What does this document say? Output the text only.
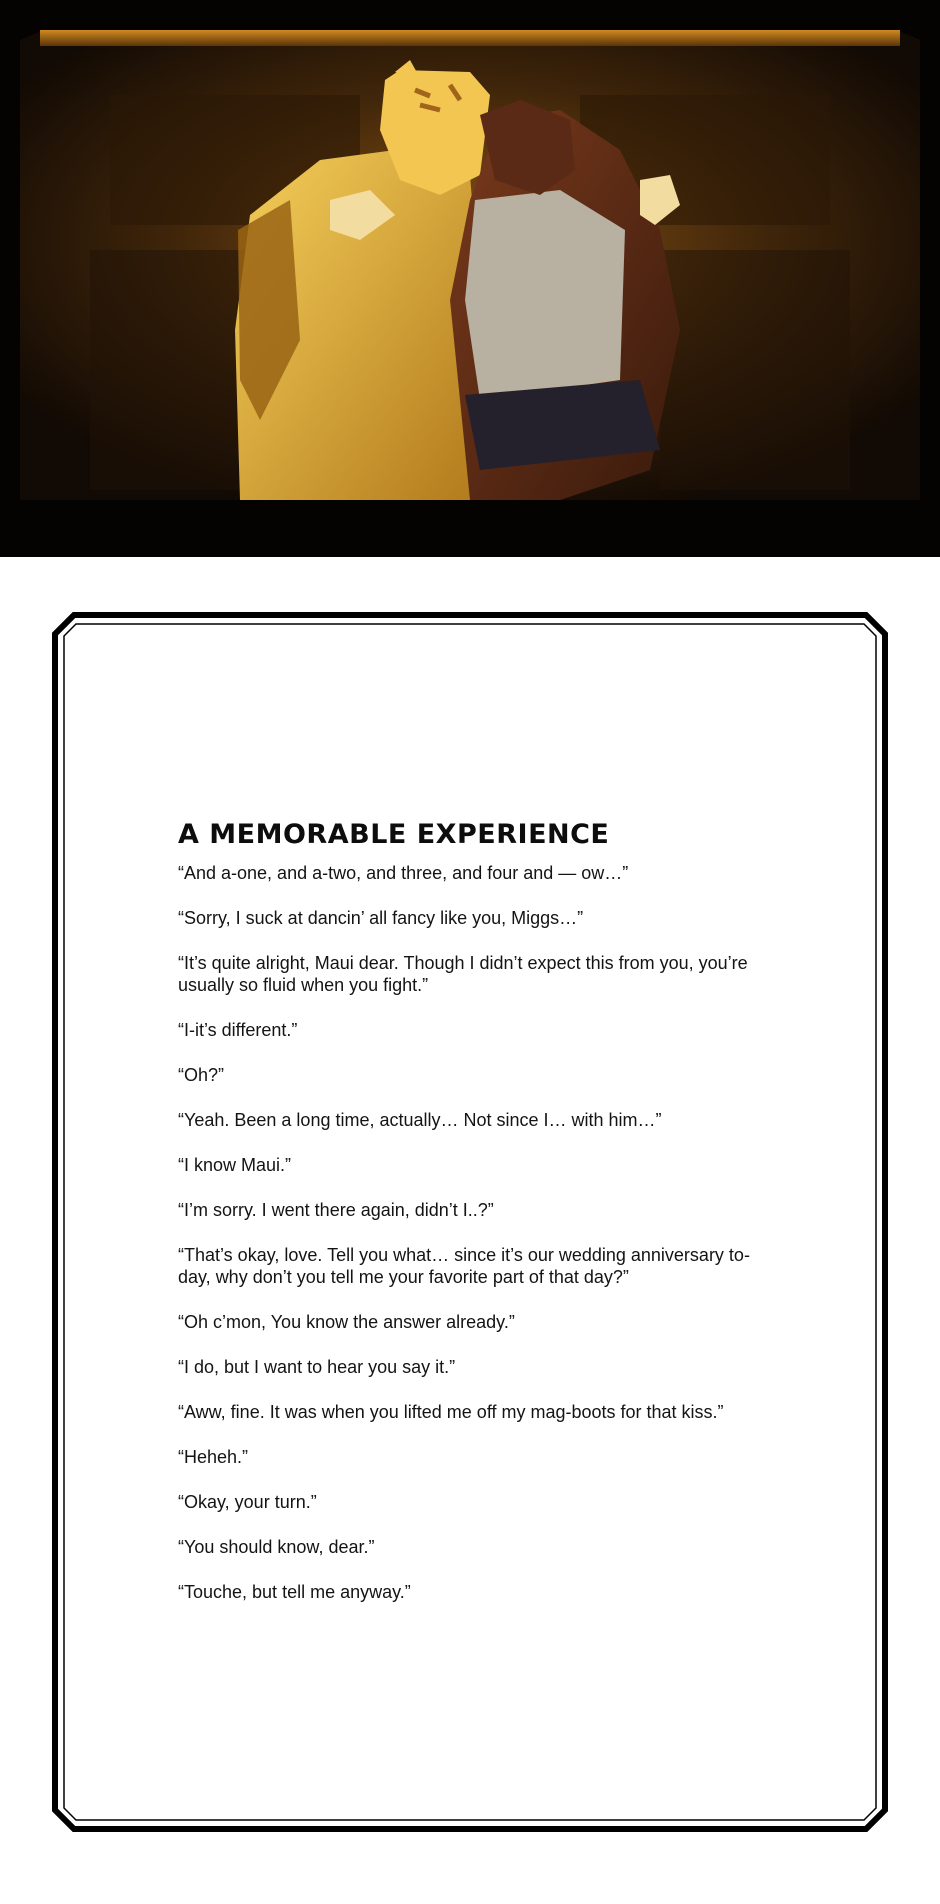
A MEMORABLE EXPERIENCE

“And a-one, and a-two, and three, and four and — ow…”

“Sorry, I suck at dancin’ all fancy like you, Miggs…”

“It’s quite alright, Maui dear. Though I didn’t expect this from you, you’re usually so fluid when you fight.”

“I-it’s different.”

“Oh?”

“Yeah. Been a long time, actually… Not since I… with him…”

“I know Maui.”

“I’m sorry. I went there again, didn’t I..?”

“That’s okay, love. Tell you what… since it’s our wedding anniversary to-day, why don’t you tell me your favorite part of that day?”

“Oh c’mon, You know the answer already.”

“I do, but I want to hear you say it.”

“Aww, fine. It was when you lifted me off my mag-boots for that kiss.”

“Heheh.”

“Okay, your turn.”

“You should know, dear.”

“Touche, but tell me anyway.”
